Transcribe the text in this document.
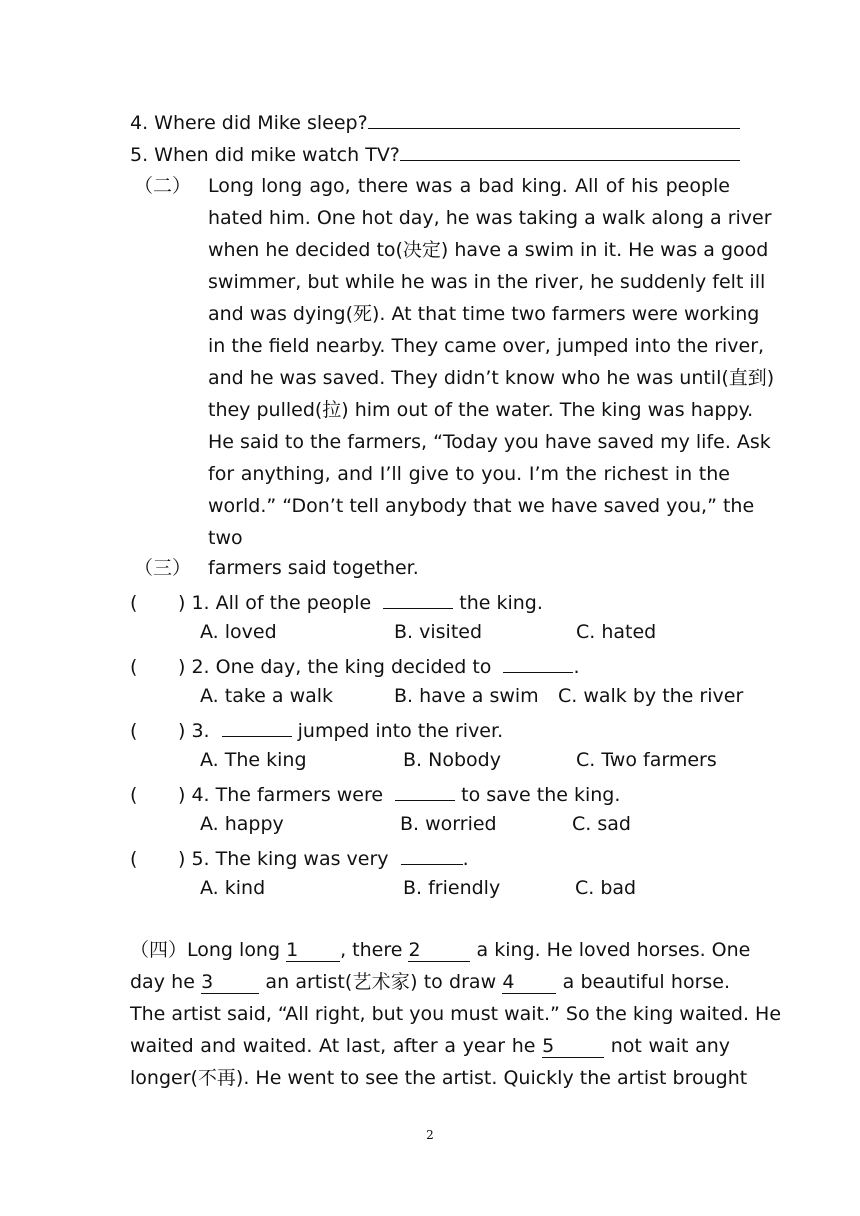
4. Where did Mike sleep?
5. When did mike watch TV?
（二） Long long ago, there was a bad king. All of his people
hated him. One hot day, he was taking a walk along a river
when he decided to(决定) have a swim in it. He was a good
swimmer, but while he was in the river, he suddenly felt ill
and was dying(死). At that time two farmers were working
in the field nearby. They came over, jumped into the river,
and he was saved. They didn’t know who he was until(直到)
they pulled(拉) him out of the water. The king was happy.
He said to the farmers, “Today you have saved my life. Ask
for anything, and I’ll give to you. I’m the richest in the
world.” “Don’t tell anybody that we have saved you,” the
two
（三） farmers said together.
( ) 1. All of the people	the king.
A. loved	B. visited	C. hated
( ) 2. One day, the king decided to	.
A. take a walk	B. have a swim C. walk by the river
( ) 3.	jumped into the river.
A. The king	B. Nobody	C. Two farmers
( ) 4. The farmers were	to save the king.
A. happy	B. worried	C. sad
( ) 5. The king was very	.
A. kind	B. friendly	C. bad
（四）Long long 1 , there 2	a king. He loved horses. One
day he 3	an artist(艺术家) to draw 4	a beautiful horse.
The artist said, “All right, but you must wait.” So the king waited. He
waited and waited. At last, after a year he 5	not wait any
longer(不再). He went to see the artist. Quickly the artist brought
2
